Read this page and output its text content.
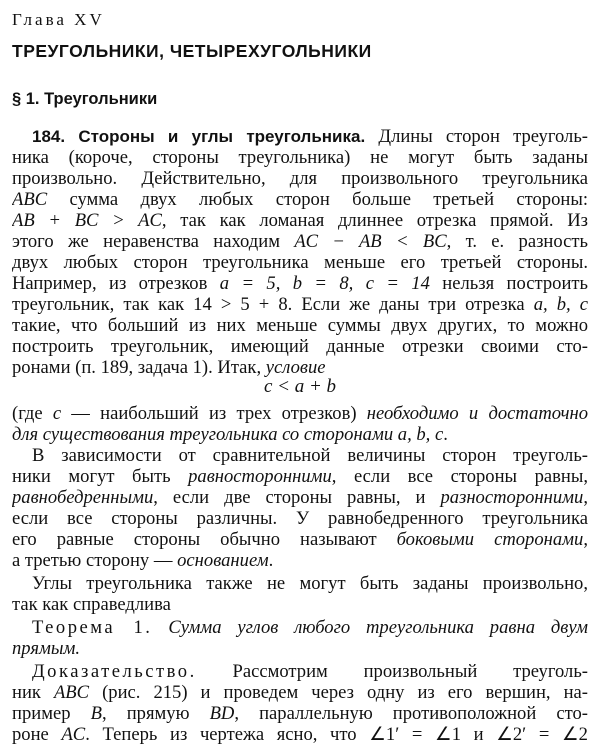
Глава XV
ТРЕУГОЛЬНИКИ, ЧЕТЫРЕХУГОЛЬНИКИ
§ 1. Треугольники
184. Стороны и углы треугольника. Длины сторон треуголь-
ника (короче, стороны треугольника) не могут быть заданы
произвольно. Действительно, для произвольного треугольника
ABC сумма двух любых сторон больше третьей стороны:
AB + BC > AC, так как ломаная длиннее отрезка прямой. Из
этого же неравенства находим AC − AB < BC, т. е. разность
двух любых сторон треугольника меньше его третьей стороны.
Например, из отрезков a = 5, b = 8, c = 14 нельзя построить
треугольник, так как 14 > 5 + 8. Если же даны три отрезка a, b, c
такие, что больший из них меньше суммы двух других, то можно
построить треугольник, имеющий данные отрезки своими сто-
ронами (п. 189, задача 1). Итак, условие
c < a + b
(где c — наибольший из трех отрезков) необходимо и достаточно
для существования треугольника со сторонами a, b, c.
В зависимости от сравнительной величины сторон треуголь-
ники могут быть равносторонними, если все стороны равны,
равнобедренными, если две стороны равны, и разносторонними,
если все стороны различны. У равнобедренного треугольника
его равные стороны обычно называют боковыми сторонами,
а третью сторону — основанием.
Углы треугольника также не могут быть заданы произвольно,
так как справедлива
Теорема 1. Сумма углов любого треугольника равна двум
прямым.
Доказательство. Рассмотрим произвольный треуголь-
ник ABC (рис. 215) и проведем через одну из его вершин, на-
пример B, прямую BD, параллельную противоположной сто-
роне AC. Теперь из чертежа ясно, что ∠1′ = ∠1 и ∠2′ = ∠2
